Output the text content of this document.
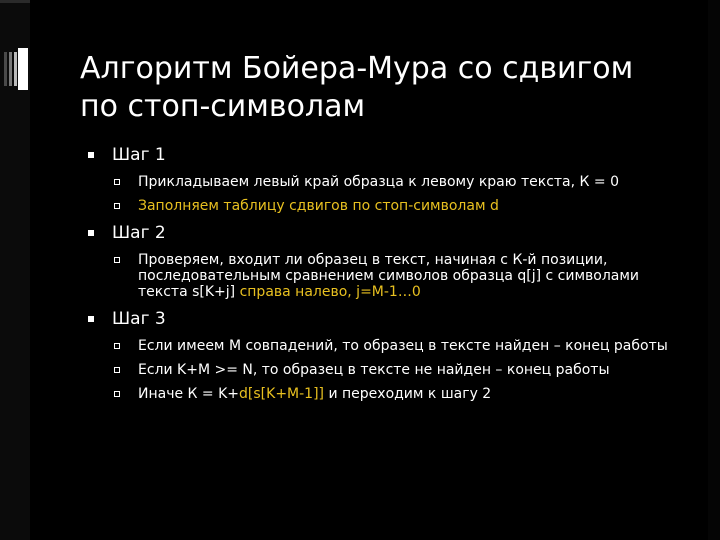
Алгоритм Бойера-Мура со сдвигом
по стоп-символам
Шаг 1
Прикладываем левый край образца к левому краю текста, К = 0
Заполняем таблицу сдвигов по стоп-символам d
Шаг 2
Проверяем, входит ли образец в текст, начиная с К-й позиции, последовательным сравнением символов образца q[j] с символами текста s[K+j] справа налево, j=M-1…0
Шаг 3
Если имеем М совпадений, то образец в тексте найден – конец работы
Если K+M >= N, то образец в тексте не найден – конец работы
Иначе К = K+d[s[K+M-1]] и переходим к шагу 2
